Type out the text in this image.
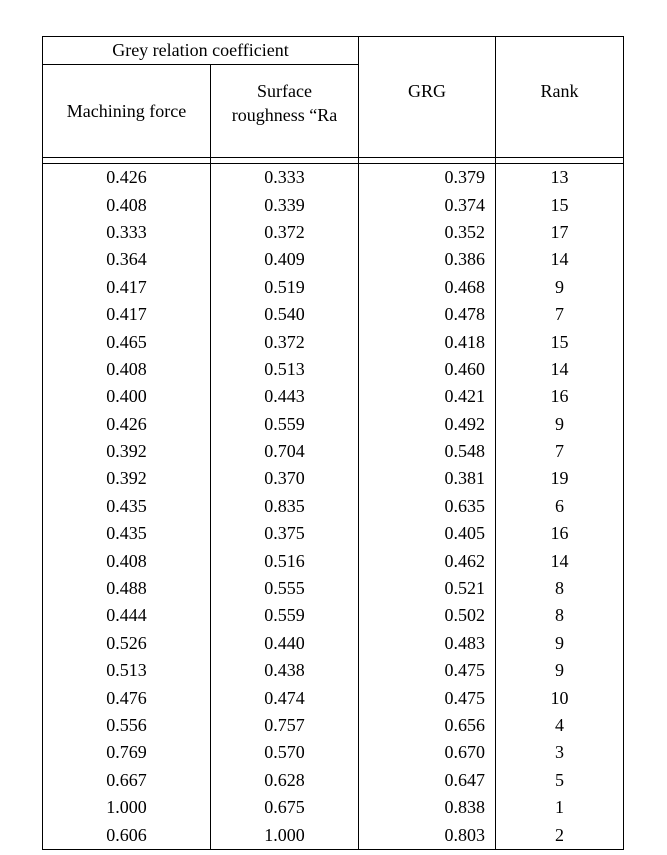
Grey relation coefficient		GRG	Rank
Machining force	Surface
roughness “Ra		

0.426	0.333	0.379	13
0.408	0.339	0.374	15
0.333	0.372	0.352	17
0.364	0.409	0.386	14
0.417	0.519	0.468	9
0.417	0.540	0.478	7
0.465	0.372	0.418	15
0.408	0.513	0.460	14
0.400	0.443	0.421	16
0.426	0.559	0.492	9
0.392	0.704	0.548	7
0.392	0.370	0.381	19
0.435	0.835	0.635	6
0.435	0.375	0.405	16
0.408	0.516	0.462	14
0.488	0.555	0.521	8
0.444	0.559	0.502	8
0.526	0.440	0.483	9
0.513	0.438	0.475	9
0.476	0.474	0.475	10
0.556	0.757	0.656	4
0.769	0.570	0.670	3
0.667	0.628	0.647	5
1.000	0.675	0.838	1
0.606	1.000	0.803	2
